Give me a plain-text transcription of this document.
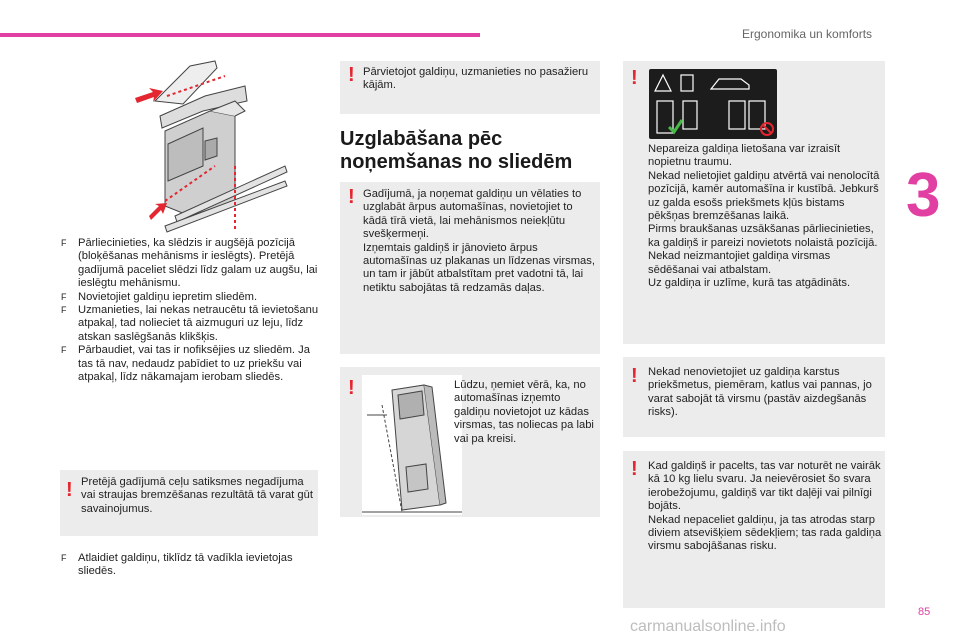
Ergonomika un komforts
3
F Pārliecinieties, ka slēdzis ir augšējā pozīcijā (bloķēšanas mehānisms ir ieslēgts). Pretējā gadījumā paceliet slēdzi līdz galam uz augšu, lai ieslēgtu mehānismu.
F Novietojiet galdiņu iepretim sliedēm.
F Uzmanieties, lai nekas netraucētu tā ievietošanu atpakaļ, tad nolieciet tā aizmuguri uz leju, līdz atskan saslēgšanās klikšķis.
F Pārbaudiet, vai tas ir nofiksējies uz sliedēm. Ja tas tā nav, nedaudz pabīdiet to uz priekšu vai atpakaļ, līdz nākamajam ierobam sliedēs.
! Pretējā gadījumā ceļu satiksmes negadījuma vai straujas bremzēšanas rezultātā tā varat gūt savainojumus.

F Atlaidiet galdiņu, tiklīdz tā vadīkla ievietojas sliedēs.
! Pārvietojot galdiņu, uzmanieties no pasažieru kājām.

Uzglabāšana pēc noņemšanas no sliedēm
! Gadījumā, ja noņemat galdiņu un vēlaties to uzglabāt ārpus automašīnas, novietojiet to kādā tīrā vietā, lai mehānismos neiekļūtu svešķermeņi.
Izņemtais galdiņš ir jānovieto ārpus automašīnas uz plakanas un līdzenas virsmas, un tam ir jābūt atbalstītam pret vadotni tā, lai netiktu sabojātas tā redzamās daļas.

!	Lūdzu, ņemiet vērā, ka, no automašīnas izņemto galdiņu novietojot uz kādas virsmas, tas noliecas pa labi vai pa kreisi.

!

Nepareiza galdiņa lietošana var izraisīt nopietnu traumu.
Nekad nelietojiet galdiņu atvērtā vai nenolocītā pozīcijā, kamēr automašīna ir kustībā. Jebkurš uz galda esošs priekšmets kļūs bistams pēkšņas bremzēšanas laikā.
Pirms braukšanas uzsākšanas pārliecinieties, ka galdiņš ir pareizi novietots nolaistā pozīcijā.
Nekad neizmantojiet galdiņa virsmas sēdēšanai vai atbalstam.
Uz galdiņa ir uzlīme, kurā tas atgādināts.

! Nekad nenovietojiet uz galdiņa karstus priekšmetus, piemēram, katlus vai pannas, jo varat sabojāt tā virsmu (pastāv aizdegšanās risks).

! Kad galdiņš ir pacelts, tas var noturēt ne vairāk kā 10 kg lielu svaru. Ja neievērosiet šo svara ierobežojumu, galdiņš var tikt daļēji vai pilnīgi bojāts.
Nekad nepaceliet galdiņu, ja tas atrodas starp diviem atsevišķiem sēdekļiem; tas rada galdiņa virsmu sabojāšanas risku.

85
carmanualsonline.info
